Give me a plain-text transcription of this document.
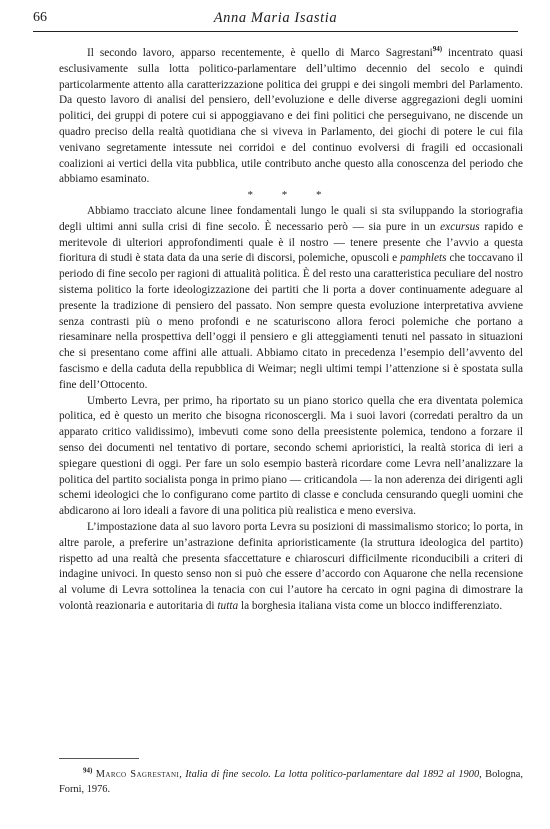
66	Anna Maria Isastia

Il secondo lavoro, apparso recentemente, è quello di Marco Sagrestani$^{94)}$ incentrato quasi esclusivamente sulla lotta politico-parlamentare dell’ultimo decennio del secolo e quindi particolarmente attento alla caratterizzazione politica dei gruppi e dei singoli membri del Parlamento. Da questo lavoro di analisi del pensiero, dell’evoluzione e delle diverse aggregazioni degli uomini politici, dei gruppi di potere cui si appoggiavano e dei fini politici che perseguivano, ne discende un quadro preciso della realtà quotidiana che si viveva in Parlamento, dei giochi di potere le cui fila venivano segretamente intessute nei corridoi e del continuo evolversi di fragili ed occasionali coalizioni ai vertici della vita pubblica, utile contributo anche questo alla conoscenza del periodo che abbiamo esaminato.

* * *

Abbiamo tracciato alcune linee fondamentali lungo le quali si sta sviluppando la storiografia degli ultimi anni sulla crisi di fine secolo. È necessario però — sia pure in un excursus rapido e meritevole di ulteriori approfondimenti quale è il nostro — tenere presente che l’avvio a questa fioritura di studi è stata data da una serie di discorsi, polemiche, opuscoli e pamphlets che toccavano il periodo di fine secolo per ragioni di attualità politica. È del resto una caratteristica peculiare del nostro sistema politico la forte ideologizzazione dei partiti che li porta a dover continuamente adeguare al presente la tradizione di pensiero del passato. Non sempre questa evoluzione interpretativa avviene senza contrasti più o meno profondi e ne scaturiscono allora feroci polemiche che portano a riesaminare nella prospettiva dell’oggi il pensiero e gli atteggiamenti tenuti nel passato in situazioni che si presentano come affini alle attuali. Abbiamo citato in precedenza l’esempio dell’avvento del fascismo e della caduta della repubblica di Weimar; negli ultimi tempi l’attenzione si è spostata sulla fine dell’Ottocento.

Umberto Levra, per primo, ha riportato su un piano storico quella che era diventata polemica politica, ed è questo un merito che bisogna riconoscergli. Ma i suoi lavori (corredati peraltro da un apparato critico validissimo), imbevuti come sono della preesistente polemica, tendono a forzare il senso dei documenti nel tentativo di portare, secondo schemi aprioristici, la realtà storica di ieri a spiegare questioni di oggi. Per fare un solo esempio basterà ricordare come Levra nell’analizzare la politica del partito socialista ponga in primo piano — criticandola — la non aderenza dei dirigenti agli schemi ideologici che lo configurano come partito di classe e concluda censurando quegli uomini che abdicarono ai loro ideali a favore di una politica più realistica e meno eversiva.

L’impostazione data al suo lavoro porta Levra su posizioni di massimalismo storico; lo porta, in altre parole, a preferire un’astrazione definita aprioristicamente (la struttura ideologica del partito) rispetto ad una realtà che presenta sfaccettature e chiaroscuri difficilmente riconducibili a criteri di indagine univoci. In questo senso non si può che essere d’accordo con Aquarone che nella recensione al volume di Levra sottolinea la tenacia con cui l’autore ha cercato in ogni pagina di dimostrare la volontà reazionaria e autoritaria di tutta la borghesia italiana vista come un blocco indifferenziato.

$^{94)}$ Marco Sagrestani, Italia di fine secolo. La lotta politico-parlamentare dal 1892 al 1900, Bologna, Forni, 1976.
